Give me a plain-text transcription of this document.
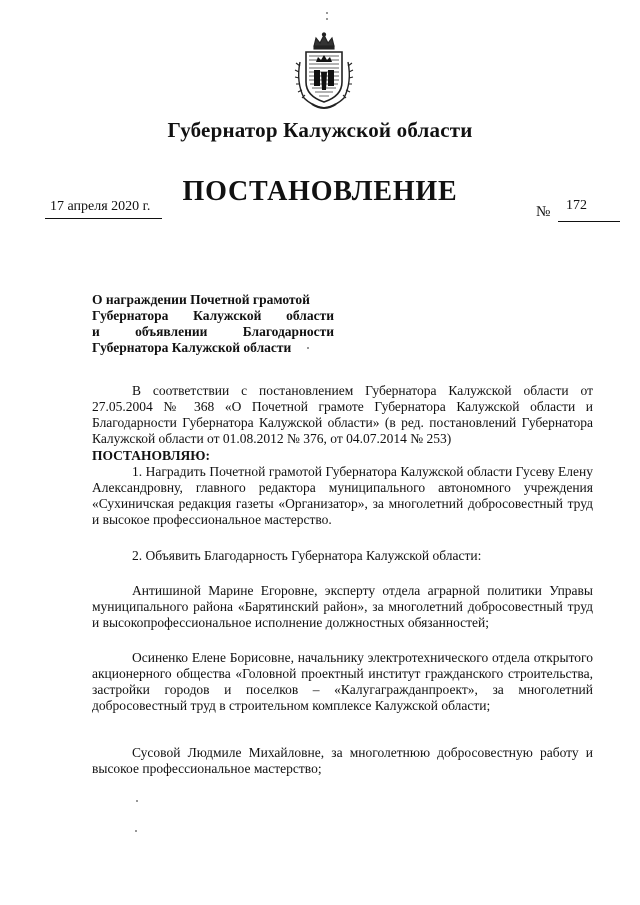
Губернатор Калужской области
ПОСТАНОВЛЕНИЕ
17 апреля 2020 г.	№ 172
О награждении Почетной грамотой
Губернатора Калужской области
и объявлении Благодарности
Губернатора Калужской области
В соответствии с постановлением Губернатора Калужской области от 27.05.2004 № 368 «О Почетной грамоте Губернатора Калужской области и Благодарности Губернатора Калужской области» (в ред. постановлений Губернатора Калужской области от 01.08.2012 № 376, от 04.07.2014 № 253)
ПОСТАНОВЛЯЮ:
1. Наградить Почетной грамотой Губернатора Калужской области Гусеву Елену Александровну, главного редактора муниципального автономного учреждения «Сухиничская редакция газеты «Организатор», за многолетний добросовестный труд и высокое профессиональное мастерство.
2. Объявить Благодарность Губернатора Калужской области:
Антишиной Марине Егоровне, эксперту отдела аграрной политики Управы муниципального района «Барятинский район», за многолетний добросовестный труд и высокопрофессиональное исполнение должностных обязанностей;
Осиненко Елене Борисовне, начальнику электротехнического отдела открытого акционерного общества «Головной проектный институт гражданского строительства, застройки городов и поселков – «Калугагражданпроект», за многолетний добросовестный труд в строительном комплексе Калужской области;
Сусовой Людмиле Михайловне, за многолетнюю добросовестную работу и высокое профессиональное мастерство;
